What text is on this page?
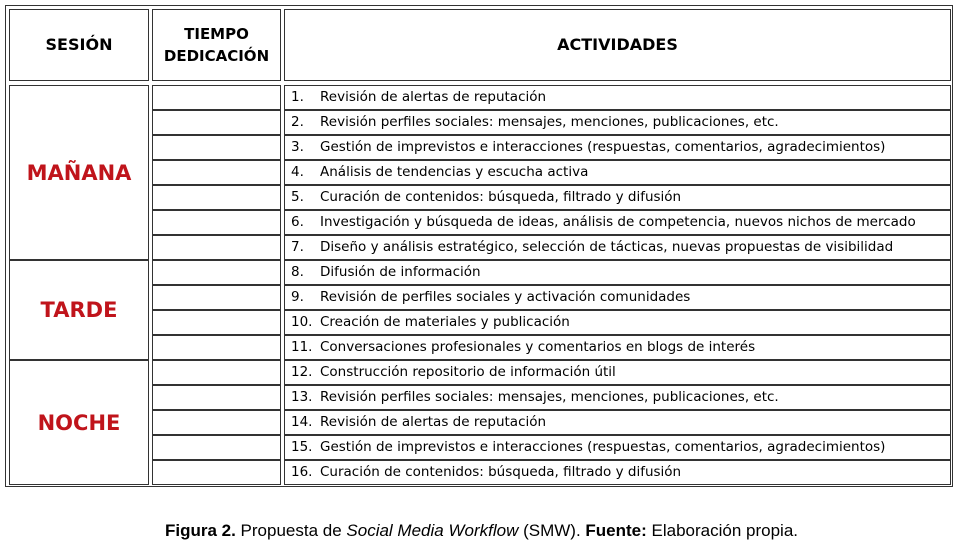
SESIÓN
TIEMPO
DEDICACIÓN
ACTIVIDADES
MAÑANA
TARDE
NOCHE
1. Revisión de alertas de reputación
2. Revisión perfiles sociales: mensajes, menciones, publicaciones, etc.
3. Gestión de imprevistos e interacciones (respuestas, comentarios, agradecimientos)
4. Análisis de tendencias y escucha activa
5. Curación de contenidos: búsqueda, filtrado y difusión
6. Investigación y búsqueda de ideas, análisis de competencia, nuevos nichos de mercado
7. Diseño y análisis estratégico, selección de tácticas, nuevas propuestas de visibilidad
8. Difusión de información
9. Revisión de perfiles sociales y activación comunidades
10. Creación de materiales y publicación
11. Conversaciones profesionales y comentarios en blogs de interés
12. Construcción repositorio de información útil
13. Revisión perfiles sociales: mensajes, menciones, publicaciones, etc.
14. Revisión de alertas de reputación
15. Gestión de imprevistos e interacciones (respuestas, comentarios, agradecimientos)
16. Curación de contenidos: búsqueda, filtrado y difusión
Figura 2. Propuesta de Social Media Workflow (SMW). Fuente: Elaboración propia.
